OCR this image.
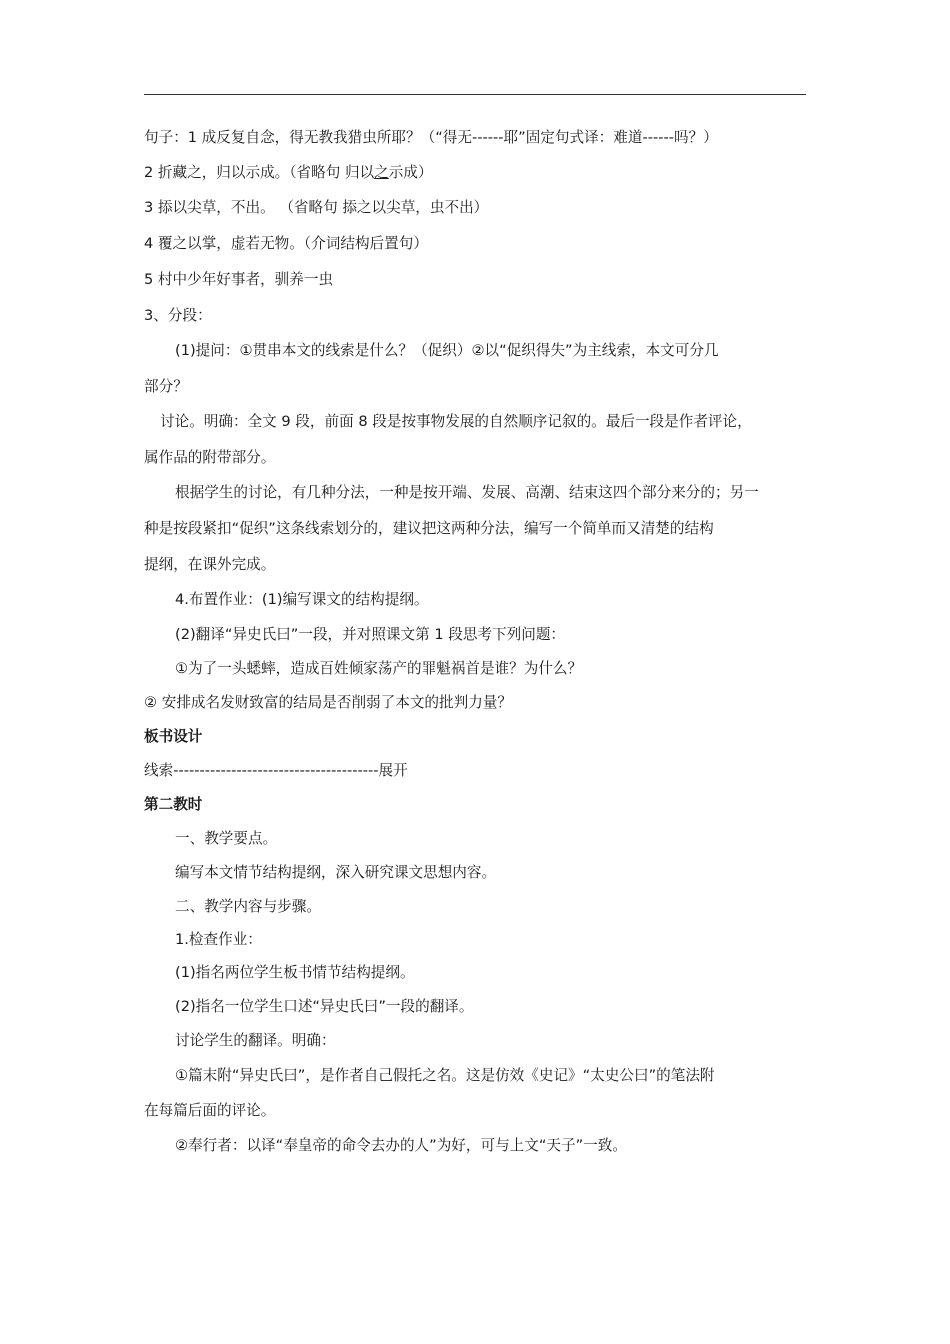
句子：1 成反复自念，得无教我猎虫所耶？（“得无------耶”固定句式译：难道------吗？）
2 折藏之，归以示成。（省略句 归以之示成）
3 掭以尖草，不出。 （省略句 掭之以尖草，虫不出）
4 覆之以掌，虚若无物。（介词结构后置句）
5 村中少年好事者，驯养一虫
3、分段：
(1)提问：①贯串本文的线索是什么？（促织）②以“促织得失”为主线索，本文可分几
部分？
讨论。明确：全文 9 段，前面 8 段是按事物发展的自然顺序记叙的。最后一段是作者评论，
属作品的附带部分。
根据学生的讨论，有几种分法，一种是按开端、发展、高潮、结束这四个部分来分的；另一
种是按段紧扣“促织”这条线索划分的，建议把这两种分法，编写一个简单而又清楚的结构
提纲，在课外完成。
4.布置作业：(1)编写课文的结构提纲。
(2)翻译“异史氏曰”一段，并对照课文第 1 段思考下列问题：
①为了一头蟋蟀，造成百姓倾家荡产的罪魁祸首是谁？为什么？
② 安排成名发财致富的结局是否削弱了本文的批判力量？
板书设计
线索---------------------------------------展开
第二教时
一、教学要点。
编写本文情节结构提纲，深入研究课文思想内容。
二、教学内容与步骤。
1.检查作业：
(1)指名两位学生板书情节结构提纲。
(2)指名一位学生口述“异史氏曰”一段的翻译。
讨论学生的翻译。明确：
①篇末附“异史氏曰”，是作者自己假托之名。这是仿效《史记》“太史公曰”的笔法附
在每篇后面的评论。
②奉行者：以译“奉皇帝的命令去办的人”为好，可与上文“天子”一致。
